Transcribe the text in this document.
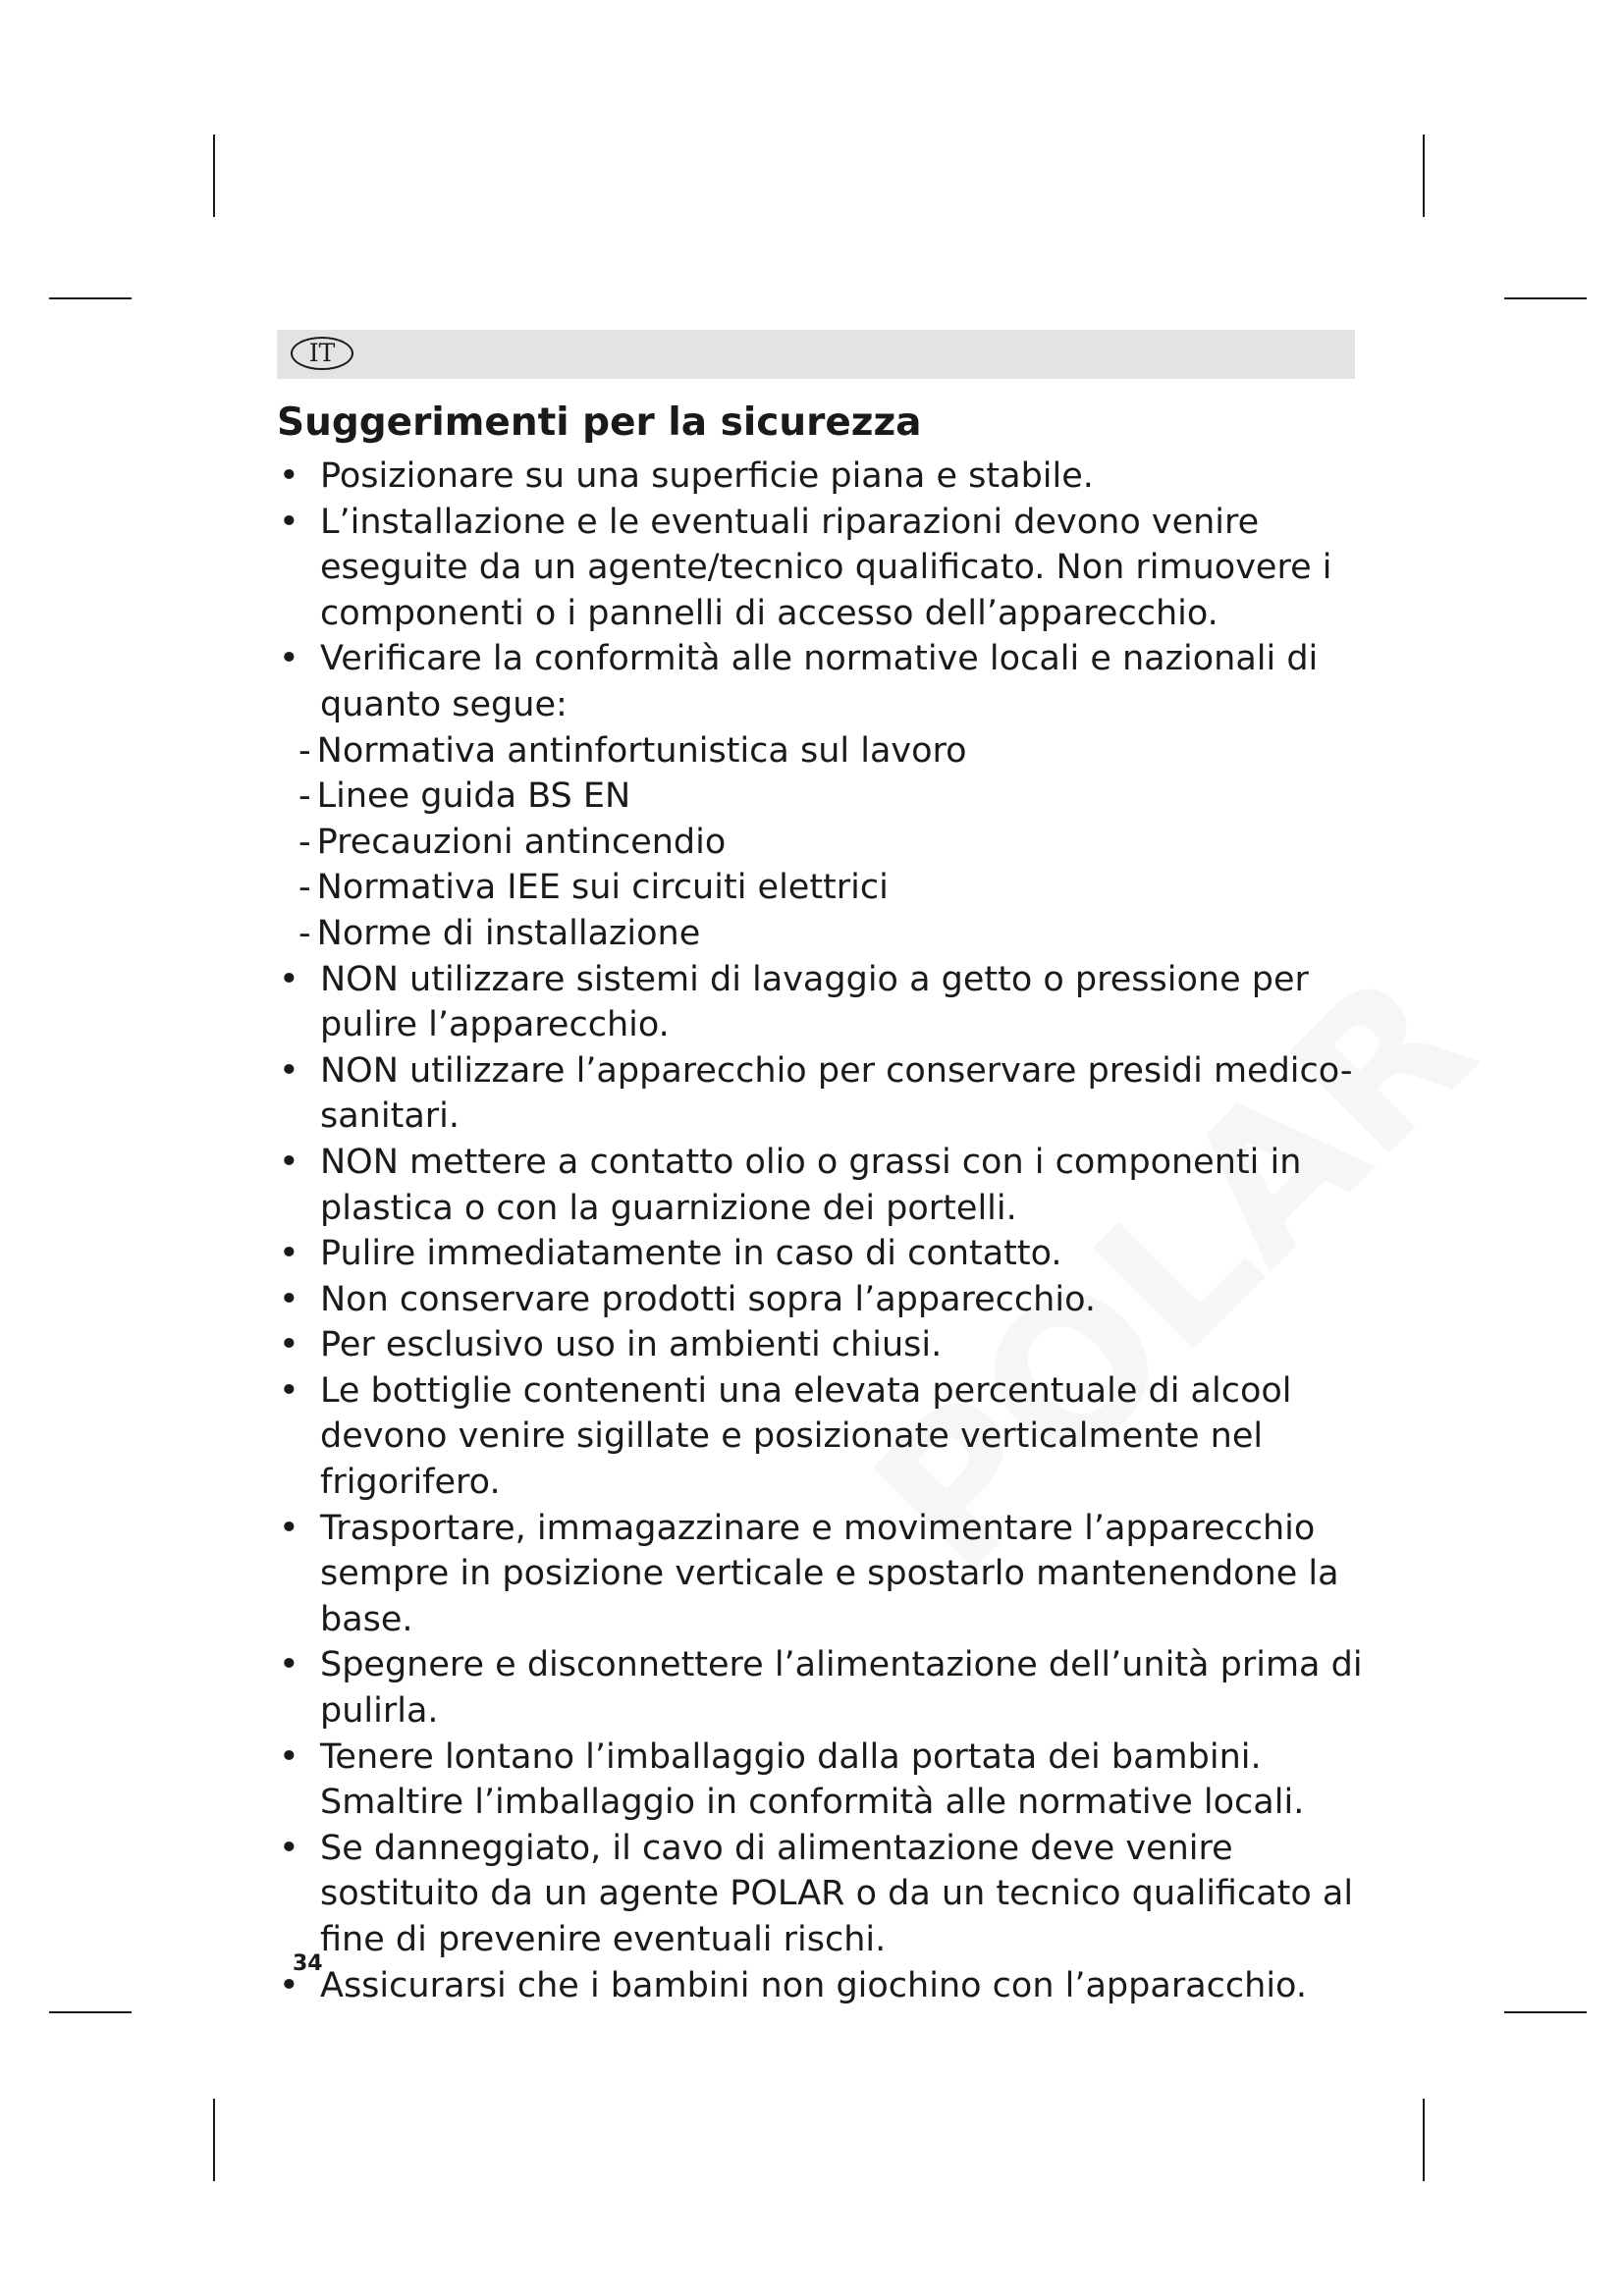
IT
Suggerimenti per la sicurezza
• Posizionare su una superficie piana e stabile.
• L’installazione e le eventuali riparazioni devono venire eseguite da un agente/tecnico qualificato. Non rimuovere i componenti o i pannelli di accesso dell’apparecchio.
• Verificare la conformità alle normative locali e nazionali di quanto segue:
- Normativa antinfortunistica sul lavoro
- Linee guida BS EN
- Precauzioni antincendio
- Normativa IEE sui circuiti elettrici
- Norme di installazione
• NON utilizzare sistemi di lavaggio a getto o pressione per pulire l’apparecchio.
• NON utilizzare l’apparecchio per conservare presidi medico-sanitari.
• NON mettere a contatto olio o grassi con i componenti in plastica o con la guarnizione dei portelli.
• Pulire immediatamente in caso di contatto.
• Non conservare prodotti sopra l’apparecchio.
• Per esclusivo uso in ambienti chiusi.
• Le bottiglie contenenti una elevata percentuale di alcool devono venire sigillate e posizionate verticalmente nel frigorifero.
• Trasportare, immagazzinare e movimentare l’apparecchio sempre in posizione verticale e spostarlo mantenendone la base.
• Spegnere e disconnettere l’alimentazione dell’unità prima di pulirla.
• Tenere lontano l’imballaggio dalla portata dei bambini. Smaltire l’imballaggio in conformità alle normative locali.
• Se danneggiato, il cavo di alimentazione deve venire sostituito da un agente POLAR o da un tecnico qualificato al fine di prevenire eventuali rischi.
• Assicurarsi che i bambini non giochino con l’apparacchio.
34
